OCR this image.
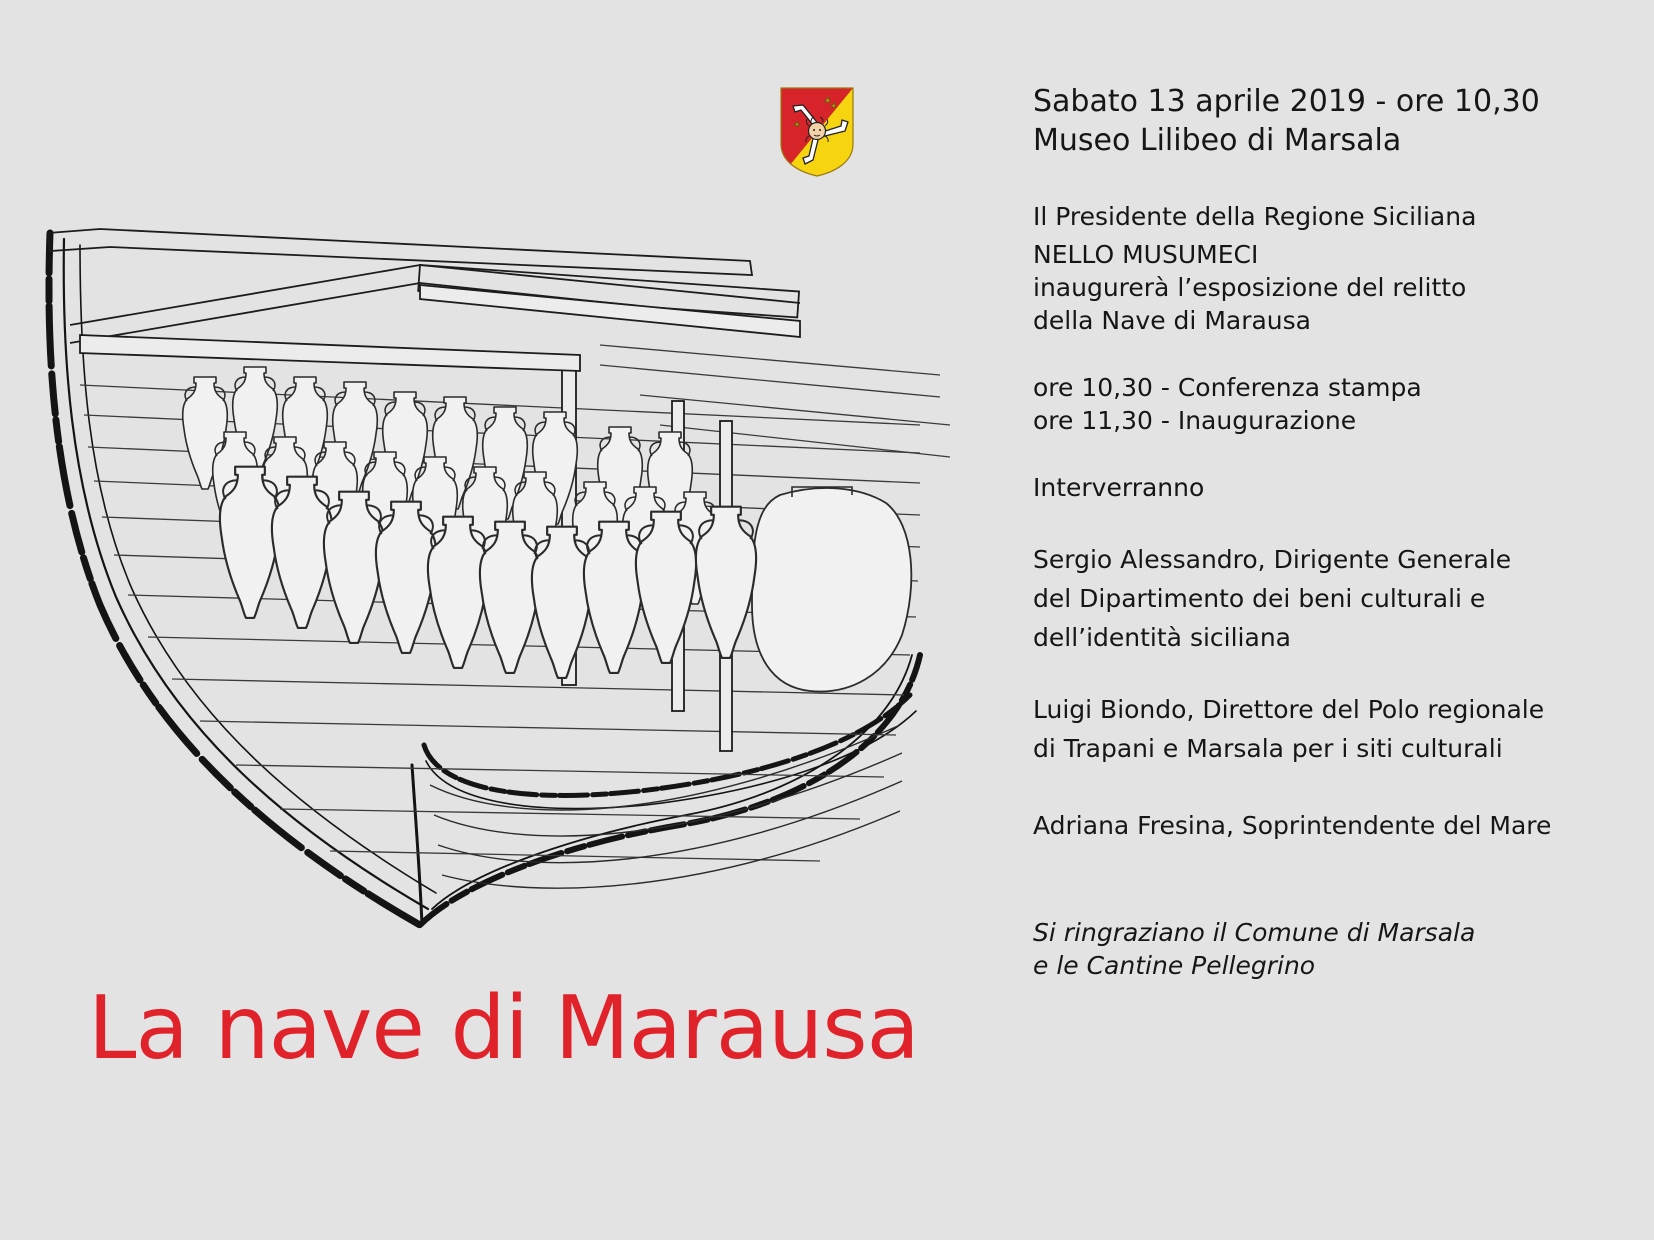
Sabato 13 aprile 2019 - ore 10,30
Museo Lilibeo di Marsala
Il Presidente della Regione Siciliana
NELLO MUSUMECI
inaugurerà l’esposizione del relitto
della Nave di Marausa
ore 10,30 - Conferenza stampa
ore 11,30 - Inaugurazione
Interverranno
Sergio Alessandro, Dirigente Generale
del Dipartimento dei beni culturali e
dell’identità siciliana
Luigi Biondo, Direttore del Polo regionale
di Trapani e Marsala per i siti culturali
Adriana Fresina, Soprintendente del Mare
Si ringraziano il Comune di Marsala
e le Cantine Pellegrino
La nave di Marausa
